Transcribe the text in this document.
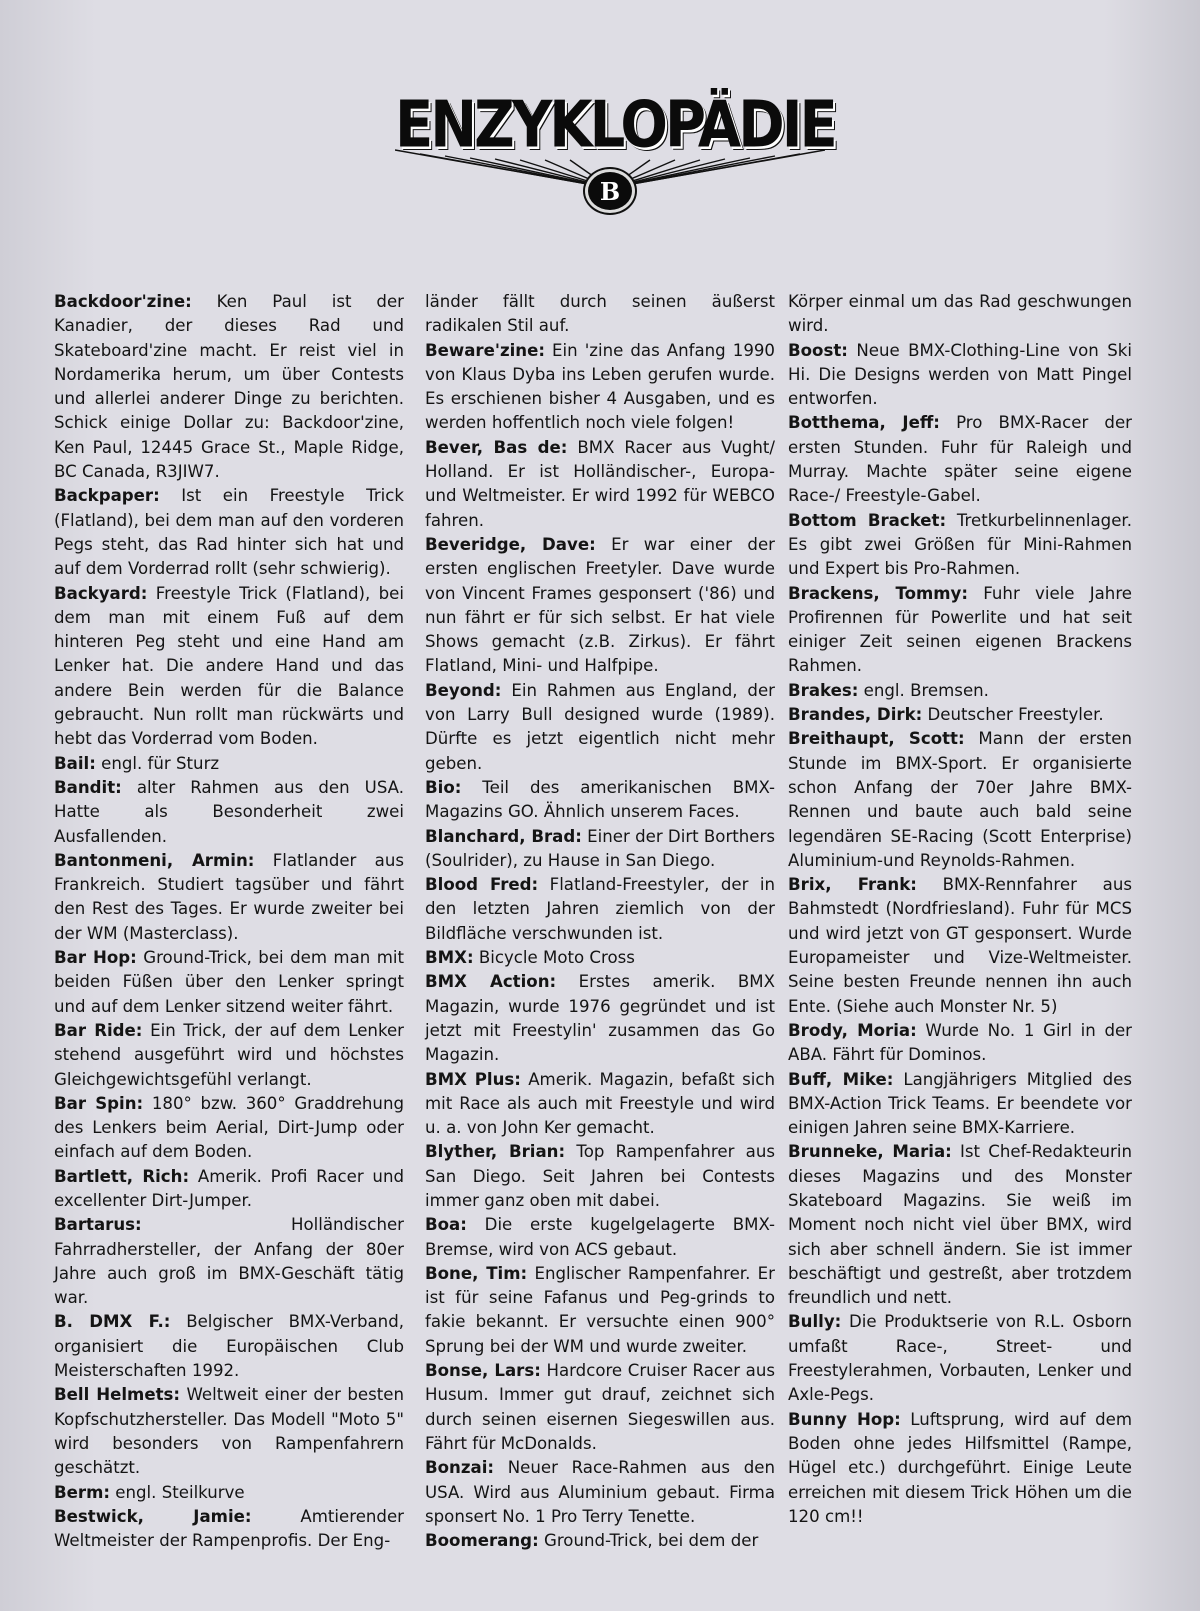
ENZYKLOPÄDIE
B

Backdoor'zine: Ken Paul ist der Kanadier, der dieses Rad und Skateboard'zine macht. Er reist viel in Nordamerika herum, um über Contests und allerlei anderer Dinge zu berichten. Schick einige Dollar zu: Backdoor'zine, Ken Paul, 12445 Grace St., Maple Ridge, BC Canada, R3JIW7.

Backpaper: Ist ein Freestyle Trick (Flatland), bei dem man auf den vorderen Pegs steht, das Rad hinter sich hat und auf dem Vorderrad rollt (sehr schwierig).

Backyard: Freestyle Trick (Flatland), bei dem man mit einem Fuß auf dem hinteren Peg steht und eine Hand am Lenker hat. Die andere Hand und das andere Bein werden für die Balance gebraucht. Nun rollt man rückwärts und hebt das Vorderrad vom Boden.

Bail: engl. für Sturz

Bandit: alter Rahmen aus den USA. Hatte als Besonderheit zwei Ausfallenden.

Bantonmeni, Armin: Flatlander aus Frankreich. Studiert tagsüber und fährt den Rest des Tages. Er wurde zweiter bei der WM (Masterclass).

Bar Hop: Ground-Trick, bei dem man mit beiden Füßen über den Lenker springt und auf dem Lenker sitzend weiter fährt.

Bar Ride: Ein Trick, der auf dem Lenker stehend ausgeführt wird und höchstes Gleichgewichtsgefühl verlangt.

Bar Spin: 180° bzw. 360° Graddrehung des Lenkers beim Aerial, Dirt-Jump oder einfach auf dem Boden.

Bartlett, Rich: Amerik. Profi Racer und excellenter Dirt-Jumper.

Bartarus: Holländischer Fahrradhersteller, der Anfang der 80er Jahre auch groß im BMX-Geschäft tätig war.

B. DMX F.: Belgischer BMX-Verband, organisiert die Europäischen Club Meisterschaften 1992.

Bell Helmets: Weltweit einer der besten Kopfschutzhersteller. Das Modell "Moto 5" wird besonders von Rampenfahrern geschätzt.

Berm: engl. Steilkurve

Bestwick, Jamie: Amtierender Weltmeister der Rampenprofis. Der Eng-

länder fällt durch seinen äußerst radikalen Stil auf.

Beware'zine: Ein 'zine das Anfang 1990 von Klaus Dyba ins Leben gerufen wurde. Es erschienen bisher 4 Ausgaben, und es werden hoffentlich noch viele folgen!

Bever, Bas de: BMX Racer aus Vught/ Holland. Er ist Holländischer-, Europa- und Weltmeister. Er wird 1992 für WEBCO fahren.

Beveridge, Dave: Er war einer der ersten englischen Freetyler. Dave wurde von Vincent Frames gesponsert ('86) und nun fährt er für sich selbst. Er hat viele Shows gemacht (z.B. Zirkus). Er fährt Flatland, Mini- und Halfpipe.

Beyond: Ein Rahmen aus England, der von Larry Bull designed wurde (1989). Dürfte es jetzt eigentlich nicht mehr geben.

Bio: Teil des amerikanischen BMX-Magazins GO. Ähnlich unserem Faces.

Blanchard, Brad: Einer der Dirt Borthers (Soulrider), zu Hause in San Diego.

Blood Fred: Flatland-Freestyler, der in den letzten Jahren ziemlich von der Bildfläche verschwunden ist.

BMX: Bicycle Moto Cross

BMX Action: Erstes amerik. BMX Magazin, wurde 1976 gegründet und ist jetzt mit Freestylin' zusammen das Go Magazin.

BMX Plus: Amerik. Magazin, befaßt sich mit Race als auch mit Freestyle und wird u. a. von John Ker gemacht.

Blyther, Brian: Top Rampenfahrer aus San Diego. Seit Jahren bei Contests immer ganz oben mit dabei.

Boa: Die erste kugelgelagerte BMX-Bremse, wird von ACS gebaut.

Bone, Tim: Englischer Rampenfahrer. Er ist für seine Fafanus und Peg-grinds to fakie bekannt. Er versuchte einen 900° Sprung bei der WM und wurde zweiter.

Bonse, Lars: Hardcore Cruiser Racer aus Husum. Immer gut drauf, zeichnet sich durch seinen eisernen Siegeswillen aus. Fährt für McDonalds.

Bonzai: Neuer Race-Rahmen aus den USA. Wird aus Aluminium gebaut. Firma sponsert No. 1 Pro Terry Tenette.

Boomerang: Ground-Trick, bei dem der

Körper einmal um das Rad geschwungen wird.

Boost: Neue BMX-Clothing-Line von Ski Hi. Die Designs werden von Matt Pingel entworfen.

Botthema, Jeff: Pro BMX-Racer der ersten Stunden. Fuhr für Raleigh und Murray. Machte später seine eigene Race-/ Freestyle-Gabel.

Bottom Bracket: Tretkurbelinnenlager. Es gibt zwei Größen für Mini-Rahmen und Expert bis Pro-Rahmen.

Brackens, Tommy: Fuhr viele Jahre Profirennen für Powerlite und hat seit einiger Zeit seinen eigenen Brackens Rahmen.

Brakes: engl. Bremsen.

Brandes, Dirk: Deutscher Freestyler.

Breithaupt, Scott: Mann der ersten Stunde im BMX-Sport. Er organisierte schon Anfang der 70er Jahre BMX-Rennen und baute auch bald seine legendären SE-Racing (Scott Enterprise) Aluminium-und Reynolds-Rahmen.

Brix, Frank: BMX-Rennfahrer aus Bahmstedt (Nordfriesland). Fuhr für MCS und wird jetzt von GT gesponsert. Wurde Europameister und Vize-Weltmeister. Seine besten Freunde nennen ihn auch Ente. (Siehe auch Monster Nr. 5)

Brody, Moria: Wurde No. 1 Girl in der ABA. Fährt für Dominos.

Buff, Mike: Langjährigers Mitglied des BMX-Action Trick Teams. Er beendete vor einigen Jahren seine BMX-Karriere.

Brunneke, Maria: Ist Chef-Redakteurin dieses Magazins und des Monster Skateboard Magazins. Sie weiß im Moment noch nicht viel über BMX, wird sich aber schnell ändern. Sie ist immer beschäftigt und gestreßt, aber trotzdem freundlich und nett.

Bully: Die Produktserie von R.L. Osborn umfaßt Race-, Street- und Freestylerahmen, Vorbauten, Lenker und Axle-Pegs.

Bunny Hop: Luftsprung, wird auf dem Boden ohne jedes Hilfsmittel (Rampe, Hügel etc.) durchgeführt. Einige Leute erreichen mit diesem Trick Höhen um die 120 cm!!
